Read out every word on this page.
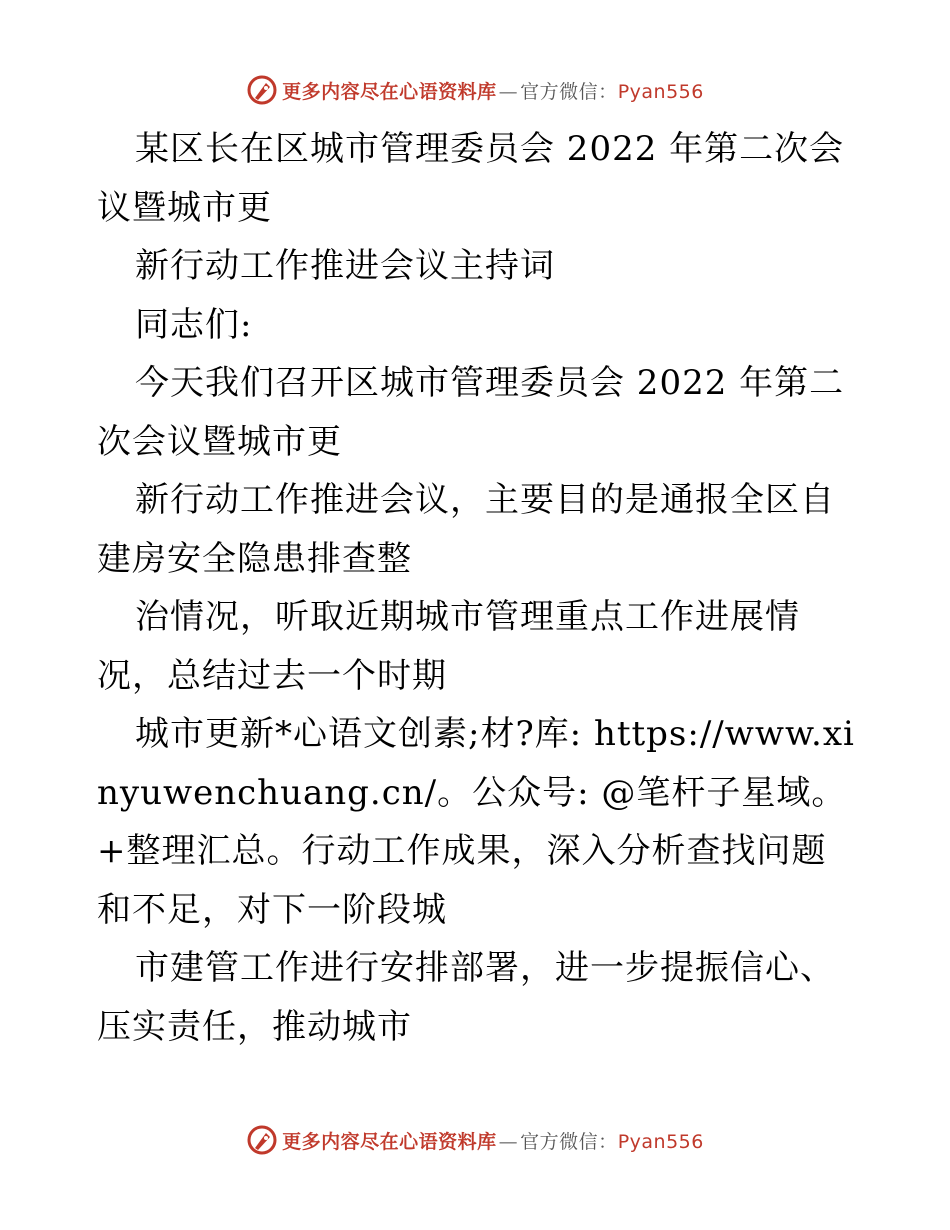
更多内容尽在心语资料库 — 官方微信：Pyan556

某区长在区城市管理委员会 2022 年第二次会议暨城市更

新行动工作推进会议主持词

同志们:

今天我们召开区城市管理委员会 2022 年第二次会议暨城市更

新行动工作推进会议，主要目的是通报全区自建房安全隐患排查整

治情况，听取近期城市管理重点工作进展情况，总结过去一个时期

城市更新*心语文创素;材?库: https://www.xinyuwenchuang.cn/。公众号: @笔杆子星域。+整理汇总。行动工作成果，深入分析查找问题和不足，对下一阶段城

市建管工作进行安排部署，进一步提振信心、压实责任，推动城市

更多内容尽在心语资料库 — 官方微信：Pyan556
